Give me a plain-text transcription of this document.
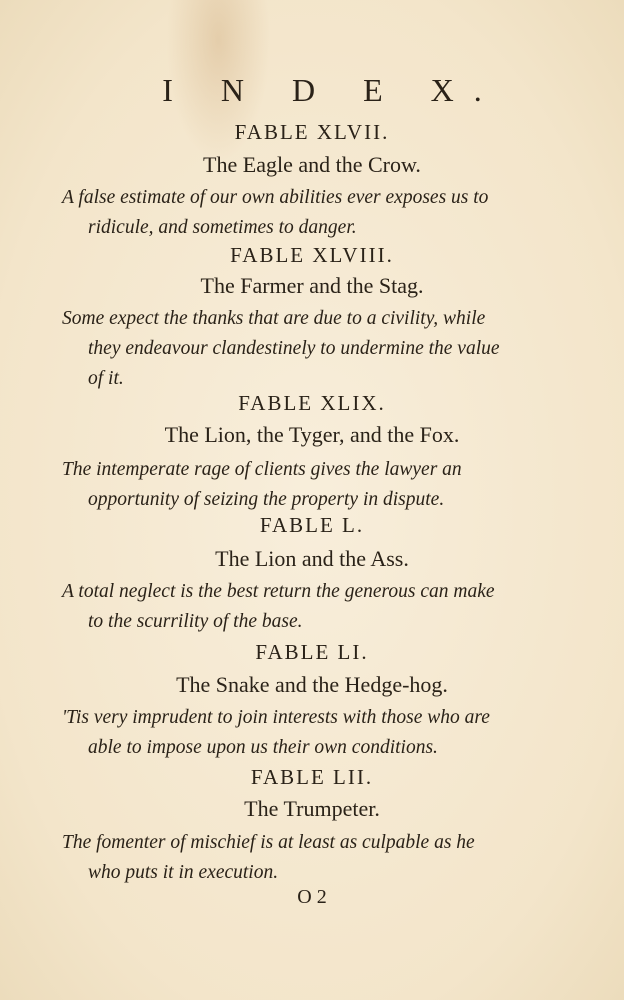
I N D E X.
FABLE XLVII.
The Eagle and the Crow.
A false estimate of our own abilities ever exposes us to
ridicule, and sometimes to danger.
FABLE XLVIII.
The Farmer and the Stag.
Some expect the thanks that are due to a civility, while
they endeavour clandestinely to undermine the value
of it.
FABLE XLIX.
The Lion, the Tyger, and the Fox.
The intemperate rage of clients gives the lawyer an
opportunity of seizing the property in dispute.
FABLE L.
The Lion and the Ass.
A total neglect is the best return the generous can make
to the scurrility of the base.
FABLE LI.
The Snake and the Hedge-hog.
'Tis very imprudent to join interests with those who are
able to impose upon us their own conditions.
FABLE LII.
The Trumpeter.
The fomenter of mischief is at least as culpable as he
who puts it in execution.
O 2
